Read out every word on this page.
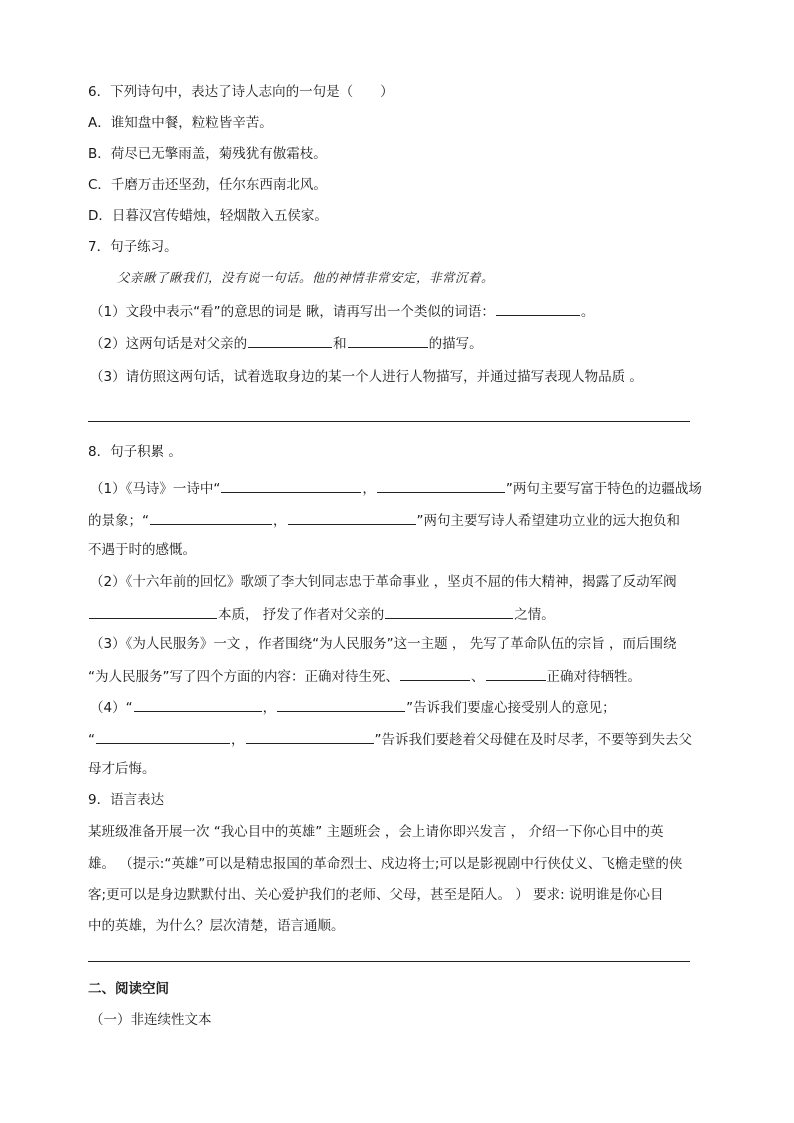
6．下列诗句中，表达了诗人志向的一句是（　　）
A．谁知盘中餐，粒粒皆辛苦。
B．荷尽已无擎雨盖，菊残犹有傲霜枝。
C．千磨万击还坚劲，任尔东西南北风。
D．日暮汉宫传蜡烛，轻烟散入五侯家。
7．句子练习。
父亲瞅了瞅我们，没有说一句话。他的神情非常安定，非常沉着。
（1）文段中表示“看”的意思的词是 瞅，请再写出一个类似的词语：	。
（2）这两句话是对父亲的	和	的描写。
（3）请仿照这两句话，试着选取身边的某一个人进行人物描写，并通过描写表现人物品质 。
8．句子积累 。
（1）《马诗》一诗中“	，	”两句主要写富于特色的边疆战场
的景象；“	，	”两句主要写诗人希望建功立业的远大抱负和
不遇于时的感慨。
（2）《十六年前的回忆》歌颂了李大钊同志忠于革命事业 ，坚贞不屈的伟大精神，揭露了反动军阀
本质， 抒发了作者对父亲的	之情。
（3）《为人民服务》一文 ，作者围绕“为人民服务”这一主题 ， 先写了革命队伍的宗旨 ，而后围绕
“为人民服务”写了四个方面的内容：正确对待生死、	、	正确对待牺牲。
（4）“	，	”告诉我们要虚心接受别人的意见；
“	，	”告诉我们要趁着父母健在及时尽孝，不要等到失去父
母才后悔。
9．语言表达
某班级准备开展一次 “我心目中的英雄” 主题班会 ，会上请你即兴发言 ， 介绍一下你心目中的英
雄。 （提示:“英雄”可以是精忠报国的革命烈士、戍边将士;可以是影视剧中行侠仗义、飞檐走壁的侠
客;更可以是身边默默付出、关心爱护我们的老师、父母，甚至是陌人。 ） 要求: 说明谁是你心目
中的英雄，为什么？层次清楚，语言通顺。
二、阅读空间
（一）非连续性文本
